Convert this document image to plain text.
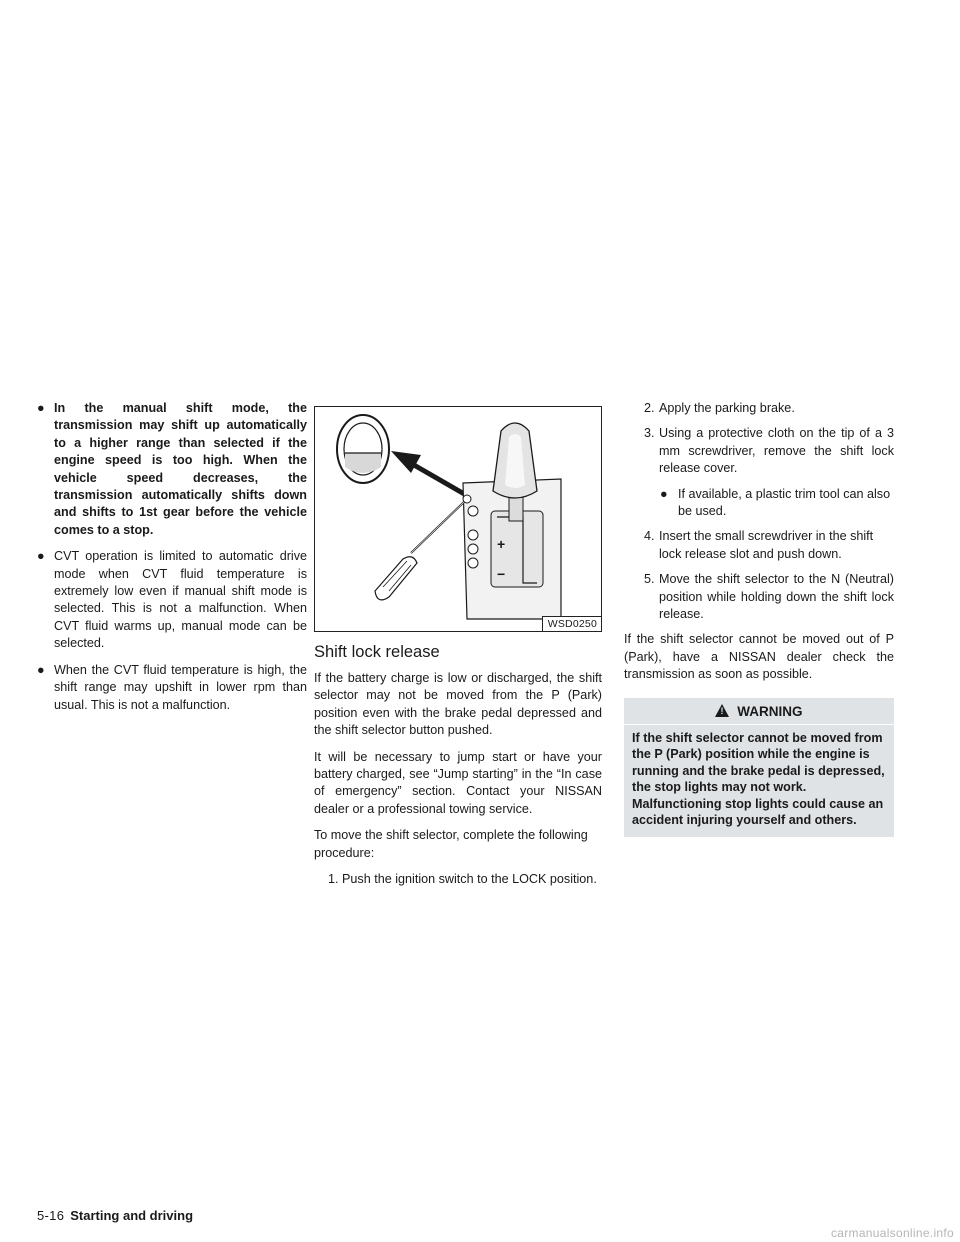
● In the manual shift mode, the transmission may shift up automatically to a higher range than selected if the engine speed is too high. When the vehicle speed decreases, the transmission automatically shifts down and shifts to 1st gear before the vehicle comes to a stop.
● CVT operation is limited to automatic drive mode when CVT fluid temperature is extremely low even if manual shift mode is selected. This is not a malfunction. When CVT fluid warms up, manual mode can be selected.
● When the CVT fluid temperature is high, the shift range may upshift in lower rpm than usual. This is not a malfunction.
+
−
WSD0250
Shift lock release

If the battery charge is low or discharged, the shift selector may not be moved from the P (Park) position even with the brake pedal depressed and the shift selector button pushed.

It will be necessary to jump start or have your battery charged, see “Jump starting” in the “In case of emergency” section. Contact your NISSAN dealer or a professional towing service.

To move the shift selector, complete the following procedure:

1. Push the ignition switch to the LOCK position.
2. Apply the parking brake.
3. Using a protective cloth on the tip of a 3 mm screwdriver, remove the shift lock release cover.
● If available, a plastic trim tool can also be used.
4. Insert the small screwdriver in the shift lock release slot and push down.
5. Move the shift selector to the N (Neutral) position while holding down the shift lock release.

If the shift selector cannot be moved out of P (Park), have a NISSAN dealer check the transmission as soon as possible.

! WARNING
If the shift selector cannot be moved from the P (Park) position while the engine is running and the brake pedal is depressed, the stop lights may not work. Malfunctioning stop lights could cause an accident injuring yourself and others.
5-16 Starting and driving
carmanualsonline.info
